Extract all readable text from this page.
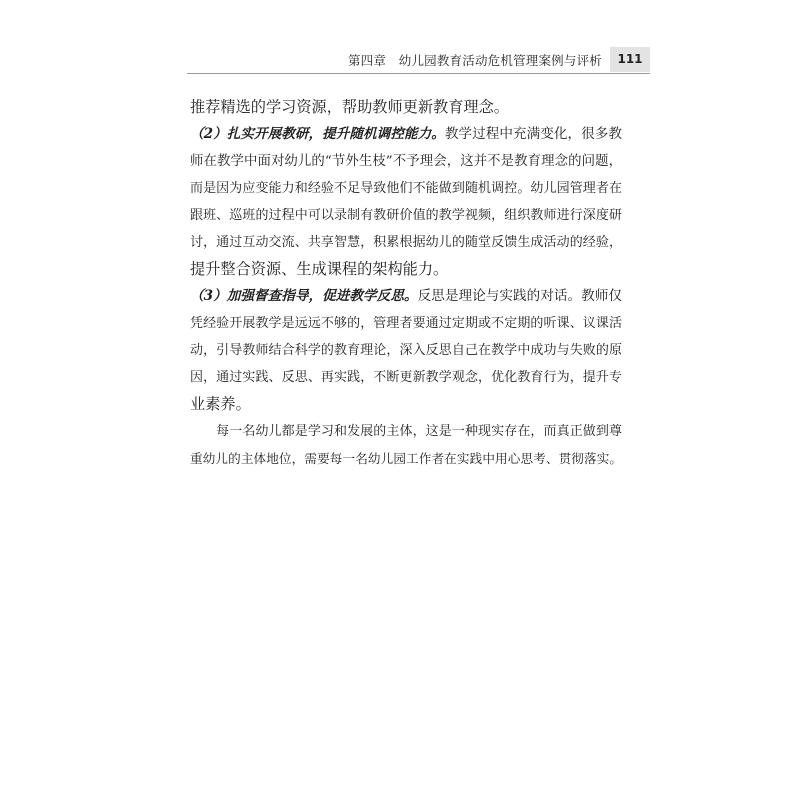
第四章　幼儿园教育活动危机管理案例与评析	111
推荐精选的学习资源，帮助教师更新教育理念。
（2）扎实开展教研，提升随机调控能力。教学过程中充满变化，很多教
师在教学中面对幼儿的“节外生枝”不予理会，这并不是教育理念的问题，
而是因为应变能力和经验不足导致他们不能做到随机调控。幼儿园管理者在
跟班、巡班的过程中可以录制有教研价值的教学视频，组织教师进行深度研
讨，通过互动交流、共享智慧，积累根据幼儿的随堂反馈生成活动的经验，
提升整合资源、生成课程的架构能力。
（3）加强督查指导，促进教学反思。反思是理论与实践的对话。教师仅
凭经验开展教学是远远不够的，管理者要通过定期或不定期的听课、议课活
动，引导教师结合科学的教育理论，深入反思自己在教学中成功与失败的原
因，通过实践、反思、再实践，不断更新教学观念，优化教育行为，提升专
业素养。
　　每一名幼儿都是学习和发展的主体，这是一种现实存在，而真正做到尊
重幼儿的主体地位，需要每一名幼儿园工作者在实践中用心思考、贯彻落实。
